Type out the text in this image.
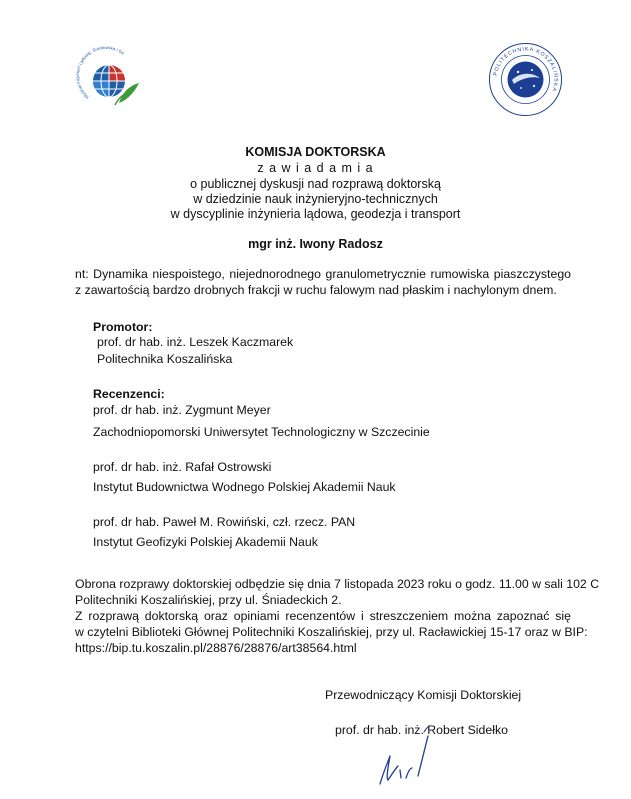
Wydział Inżynierii Lądowej, Środowiska i Ge
POLITECHNIKA KOSZALIŃSKA
KOMISJA DOKTORSKA
z a w i a d a m i a
o publicznej dyskusji nad rozprawą doktorską
w dziedzinie nauk inżynieryjno-technicznych
w dyscyplinie inżynieria lądowa, geodezja i transport
mgr inż. Iwony Radosz
nt: Dynamika niespoistego, niejednorodnego granulometrycznie rumowiska piaszczystego
z zawartością bardzo drobnych frakcji w ruchu falowym nad płaskim i nachylonym dnem.
Promotor:
prof. dr hab. inż. Leszek Kaczmarek
Politechnika Koszalińska
Recenzenci:
prof. dr hab. inż. Zygmunt Meyer
Zachodniopomorski Uniwersytet Technologiczny w Szczecinie
prof. dr hab. inż. Rafał Ostrowski
Instytut Budownictwa Wodnego Polskiej Akademii Nauk
prof. dr hab. Paweł M. Rowiński, czł. rzecz. PAN
Instytut Geofizyki Polskiej Akademii Nauk
Obrona rozprawy doktorskiej odbędzie się dnia 7 listopada 2023 roku o godz. 11.00 w sali 102 C
Politechniki Koszalińskiej, przy ul. Śniadeckich 2.
Z rozprawą doktorską oraz opiniami recenzentów i streszczeniem można zapoznać się
w czytelni Biblioteki Głównej Politechniki Koszalińskiej, przy ul. Racławickiej 15-17 oraz w BIP:
https://bip.tu.koszalin.pl/28876/28876/art38564.html
Przewodniczący Komisji Doktorskiej
prof. dr hab. inż. Robert Sidełko
